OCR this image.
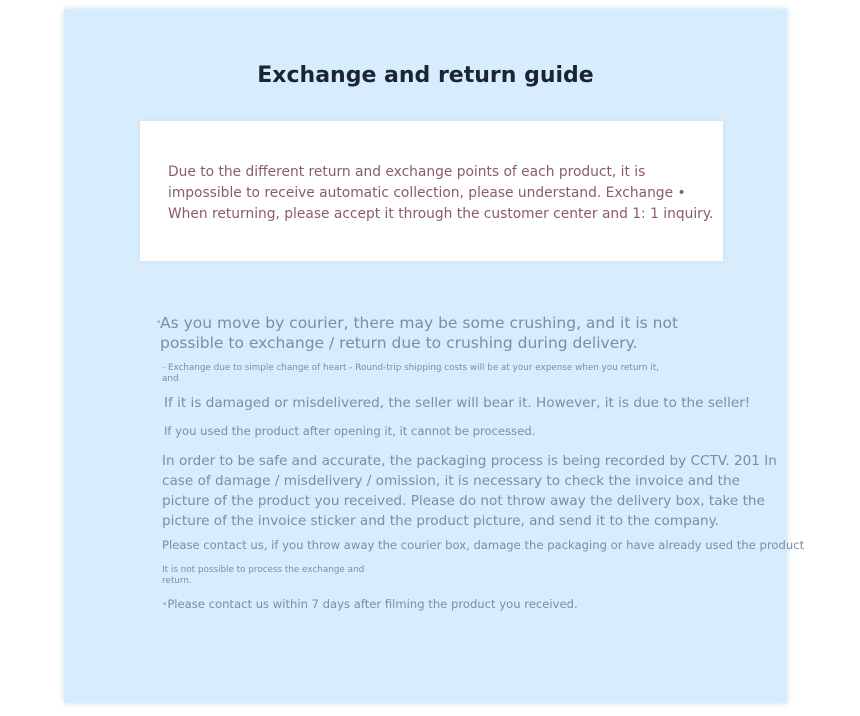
Exchange and return guide

Due to the different return and exchange points of each product, it is
impossible to receive automatic collection, please understand. Exchange •
When returning, please accept it through the customer center and 1: 1 inquiry.

•
As you move by courier, there may be some crushing, and it is not
possible to exchange / return due to crushing during delivery.
- Exchange due to simple change of heart - Round-trip shipping costs will be at your expense when you return it,
and
If it is damaged or misdelivered, the seller will bear it. However, it is due to the seller!
If you used the product after opening it, it cannot be processed.
In order to be safe and accurate, the packaging process is being recorded by CCTV. 201 In
case of damage / misdelivery / omission, it is necessary to check the invoice and the
picture of the product you received. Please do not throw away the delivery box, take the
picture of the invoice sticker and the product picture, and send it to the company.
Please contact us, if you throw away the courier box, damage the packaging or have already used the product
It is not possible to process the exchange and
return.
•Please contact us within 7 days after filming the product you received.
